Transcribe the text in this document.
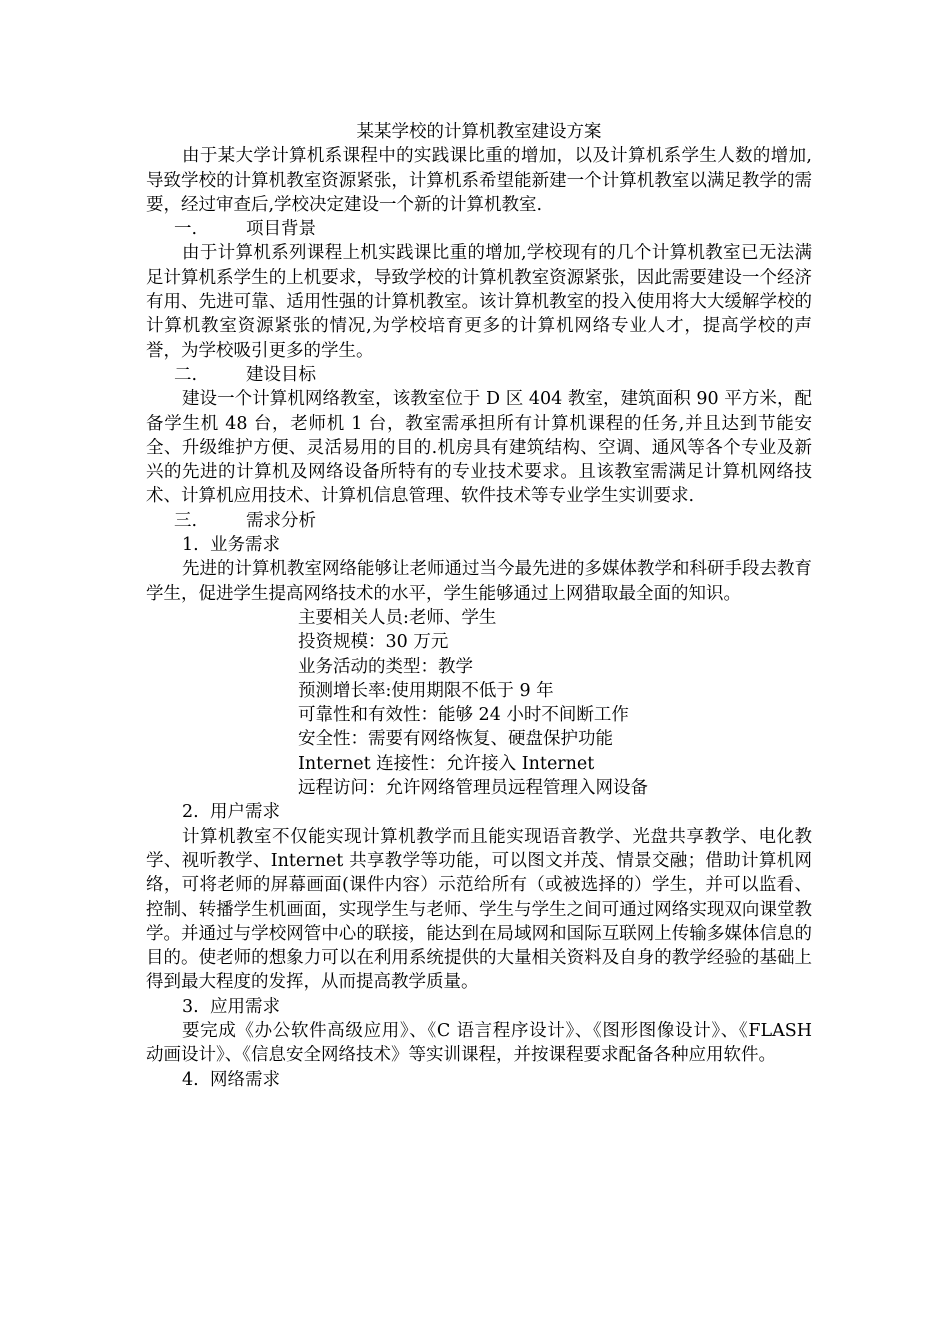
某某学校的计算机教室建设方案

由于某大学计算机系课程中的实践课比重的增加，以及计算机系学生人数的增加,导致学校的计算机教室资源紧张，计算机系希望能新建一个计算机教室以满足教学的需要，经过审查后,学校决定建设一个新的计算机教室.

一.	项目背景

由于计算机系列课程上机实践课比重的增加,学校现有的几个计算机教室已无法满足计算机系学生的上机要求，导致学校的计算机教室资源紧张，因此需要建设一个经济有用、先进可靠、适用性强的计算机教室。该计算机教室的投入使用将大大缓解学校的计算机教室资源紧张的情况,为学校培育更多的计算机网络专业人才，提高学校的声誉，为学校吸引更多的学生。

二.	建设目标

建设一个计算机网络教室，该教室位于 D 区 404 教室，建筑面积 90 平方米，配备学生机 48 台，老师机 1 台，教室需承担所有计算机课程的任务,并且达到节能安全、升级维护方便、灵活易用的目的.机房具有建筑结构、空调、通风等各个专业及新兴的先进的计算机及网络设备所特有的专业技术要求。且该教室需满足计算机网络技术、计算机应用技术、计算机信息管理、软件技术等专业学生实训要求.

三.	需求分析
1. 业务需求

先进的计算机教室网络能够让老师通过当今最先进的多媒体教学和科研手段去教育学生，促进学生提高网络技术的水平，学生能够通过上网猎取最全面的知识。

主要相关人员:老师、学生
投资规模：30 万元
业务活动的类型：教学
预测增长率:使用期限不低于 9 年
可靠性和有效性：能够 24 小时不间断工作
安全性：需要有网络恢复、硬盘保护功能
Internet 连接性：允许接入 Internet
远程访问：允许网络管理员远程管理入网设备
2. 用户需求

计算机教室不仅能实现计算机教学而且能实现语音教学、光盘共享教学、电化教学、视听教学、Internet 共享教学等功能，可以图文并茂、情景交融；借助计算机网络，可将老师的屏幕画面(课件内容）示范给所有（或被选择的）学生，并可以监看、控制、转播学生机画面，实现学生与老师、学生与学生之间可通过网络实现双向课堂教学。并通过与学校网管中心的联接，能达到在局域网和国际互联网上传输多媒体信息的目的。使老师的想象力可以在利用系统提供的大量相关资料及自身的教学经验的基础上得到最大程度的发挥，从而提高教学质量。

3. 应用需求

要完成《办公软件高级应用》、《C 语言程序设计》、《图形图像设计》、《FLASH 动画设计》、《信息安全网络技术》等实训课程，并按课程要求配备各种应用软件。

4. 网络需求
